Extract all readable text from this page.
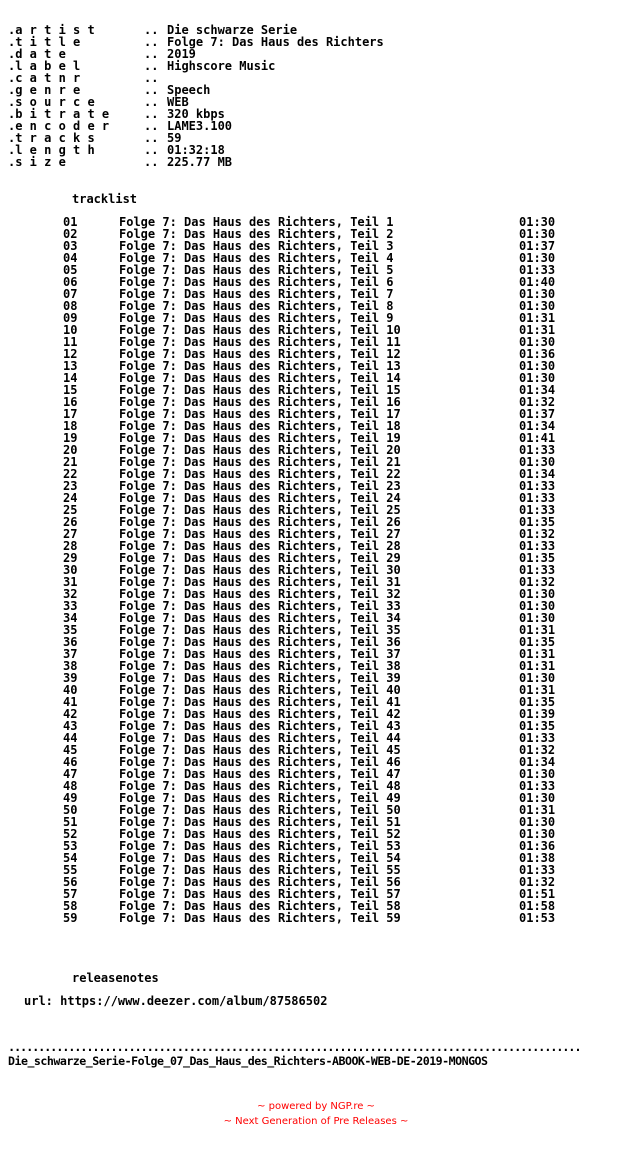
.a r t i s t	.. Die schwarze Serie
.t i t l e	.. Folge 7: Das Haus des Richters
.d a t e	.. 2019
.l a b e l	.. Highscore Music
.c a t n r	..
.g e n r e	.. Speech
.s o u r c e	.. WEB
.b i t r a t e	.. 320 kbps
.e n c o d e r	.. LAME3.100
.t r a c k s	.. 59
.l e n g t h	.. 01:32:18
.s i z e	.. 225.77 MB
tracklist
01	Folge 7: Das Haus des Richters, Teil 1	01:30
02	Folge 7: Das Haus des Richters, Teil 2	01:30
03	Folge 7: Das Haus des Richters, Teil 3	01:37
04	Folge 7: Das Haus des Richters, Teil 4	01:30
05	Folge 7: Das Haus des Richters, Teil 5	01:33
06	Folge 7: Das Haus des Richters, Teil 6	01:40
07	Folge 7: Das Haus des Richters, Teil 7	01:30
08	Folge 7: Das Haus des Richters, Teil 8	01:30
09	Folge 7: Das Haus des Richters, Teil 9	01:31
10	Folge 7: Das Haus des Richters, Teil 10	01:31
11	Folge 7: Das Haus des Richters, Teil 11	01:30
12	Folge 7: Das Haus des Richters, Teil 12	01:36
13	Folge 7: Das Haus des Richters, Teil 13	01:30
14	Folge 7: Das Haus des Richters, Teil 14	01:30
15	Folge 7: Das Haus des Richters, Teil 15	01:34
16	Folge 7: Das Haus des Richters, Teil 16	01:32
17	Folge 7: Das Haus des Richters, Teil 17	01:37
18	Folge 7: Das Haus des Richters, Teil 18	01:34
19	Folge 7: Das Haus des Richters, Teil 19	01:41
20	Folge 7: Das Haus des Richters, Teil 20	01:33
21	Folge 7: Das Haus des Richters, Teil 21	01:30
22	Folge 7: Das Haus des Richters, Teil 22	01:34
23	Folge 7: Das Haus des Richters, Teil 23	01:33
24	Folge 7: Das Haus des Richters, Teil 24	01:33
25	Folge 7: Das Haus des Richters, Teil 25	01:33
26	Folge 7: Das Haus des Richters, Teil 26	01:35
27	Folge 7: Das Haus des Richters, Teil 27	01:32
28	Folge 7: Das Haus des Richters, Teil 28	01:33
29	Folge 7: Das Haus des Richters, Teil 29	01:35
30	Folge 7: Das Haus des Richters, Teil 30	01:33
31	Folge 7: Das Haus des Richters, Teil 31	01:32
32	Folge 7: Das Haus des Richters, Teil 32	01:30
33	Folge 7: Das Haus des Richters, Teil 33	01:30
34	Folge 7: Das Haus des Richters, Teil 34	01:30
35	Folge 7: Das Haus des Richters, Teil 35	01:31
36	Folge 7: Das Haus des Richters, Teil 36	01:35
37	Folge 7: Das Haus des Richters, Teil 37	01:31
38	Folge 7: Das Haus des Richters, Teil 38	01:31
39	Folge 7: Das Haus des Richters, Teil 39	01:30
40	Folge 7: Das Haus des Richters, Teil 40	01:31
41	Folge 7: Das Haus des Richters, Teil 41	01:35
42	Folge 7: Das Haus des Richters, Teil 42	01:39
43	Folge 7: Das Haus des Richters, Teil 43	01:35
44	Folge 7: Das Haus des Richters, Teil 44	01:33
45	Folge 7: Das Haus des Richters, Teil 45	01:32
46	Folge 7: Das Haus des Richters, Teil 46	01:34
47	Folge 7: Das Haus des Richters, Teil 47	01:30
48	Folge 7: Das Haus des Richters, Teil 48	01:33
49	Folge 7: Das Haus des Richters, Teil 49	01:30
50	Folge 7: Das Haus des Richters, Teil 50	01:31
51	Folge 7: Das Haus des Richters, Teil 51	01:30
52	Folge 7: Das Haus des Richters, Teil 52	01:30
53	Folge 7: Das Haus des Richters, Teil 53	01:36
54	Folge 7: Das Haus des Richters, Teil 54	01:38
55	Folge 7: Das Haus des Richters, Teil 55	01:33
56	Folge 7: Das Haus des Richters, Teil 56	01:32
57	Folge 7: Das Haus des Richters, Teil 57	01:51
58	Folge 7: Das Haus des Richters, Teil 58	01:58
59	Folge 7: Das Haus des Richters, Teil 59	01:53
releasenotes
url: https://www.deezer.com/album/87586502
...............................................................................................
Die_schwarze_Serie-Folge_07_Das_Haus_des_Richters-ABOOK-WEB-DE-2019-MONGOS
~ powered by NGP.re ~
~ Next Generation of Pre Releases ~
